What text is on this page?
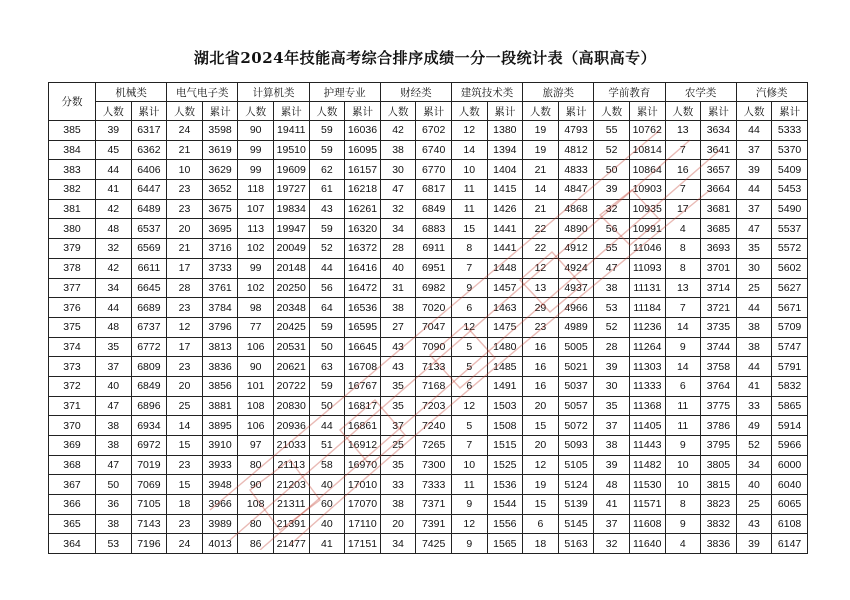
湖北省2024年技能高考综合排序成绩一分一段统计表（高职高专）
分数	机械类		电气电子类		计算机类		护理专业		财经类		建筑技术类		旅游类		学前教育		农学类		汽修类	
	人数	累计	人数	累计	人数	累计	人数	累计	人数	累计	人数	累计	人数	累计	人数	累计	人数	累计	人数	累计
385	39	6317	24	3598	90	19411	59	16036	42	6702	12	1380	19	4793	55	10762	13	3634	44	5333
384	45	6362	21	3619	99	19510	59	16095	38	6740	14	1394	19	4812	52	10814	7	3641	37	5370
383	44	6406	10	3629	99	19609	62	16157	30	6770	10	1404	21	4833	50	10864	16	3657	39	5409
382	41	6447	23	3652	118	19727	61	16218	47	6817	11	1415	14	4847	39	10903	7	3664	44	5453
381	42	6489	23	3675	107	19834	43	16261	32	6849	11	1426	21	4868	32	10935	17	3681	37	5490
380	48	6537	20	3695	113	19947	59	16320	34	6883	15	1441	22	4890	56	10991	4	3685	47	5537
379	32	6569	21	3716	102	20049	52	16372	28	6911	8	1441	22	4912	55	11046	8	3693	35	5572
378	42	6611	17	3733	99	20148	44	16416	40	6951	7	1448	12	4924	47	11093	8	3701	30	5602
377	34	6645	28	3761	102	20250	56	16472	31	6982	9	1457	13	4937	38	11131	13	3714	25	5627
376	44	6689	23	3784	98	20348	64	16536	38	7020	6	1463	29	4966	53	11184	7	3721	44	5671
375	48	6737	12	3796	77	20425	59	16595	27	7047	12	1475	23	4989	52	11236	14	3735	38	5709
374	35	6772	17	3813	106	20531	50	16645	43	7090	5	1480	16	5005	28	11264	9	3744	38	5747
373	37	6809	23	3836	90	20621	63	16708	43	7133	5	1485	16	5021	39	11303	14	3758	44	5791
372	40	6849	20	3856	101	20722	59	16767	35	7168	6	1491	16	5037	30	11333	6	3764	41	5832
371	47	6896	25	3881	108	20830	50	16817	35	7203	12	1503	20	5057	35	11368	11	3775	33	5865
370	38	6934	14	3895	106	20936	44	16861	37	7240	5	1508	15	5072	37	11405	11	3786	49	5914
369	38	6972	15	3910	97	21033	51	16912	25	7265	7	1515	20	5093	38	11443	9	3795	52	5966
368	47	7019	23	3933	80	21113	58	16970	35	7300	10	1525	12	5105	39	11482	10	3805	34	6000
367	50	7069	15	3948	90	21203	40	17010	33	7333	11	1536	19	5124	48	11530	10	3815	40	6040
366	36	7105	18	3966	108	21311	60	17070	38	7371	9	1544	15	5139	41	11571	8	3823	25	6065
365	38	7143	23	3989	80	21391	40	17110	20	7391	12	1556	6	5145	37	11608	9	3832	43	6108
364	53	7196	24	4013	86	21477	41	17151	34	7425	9	1565	18	5163	32	11640	4	3836	39	6147
